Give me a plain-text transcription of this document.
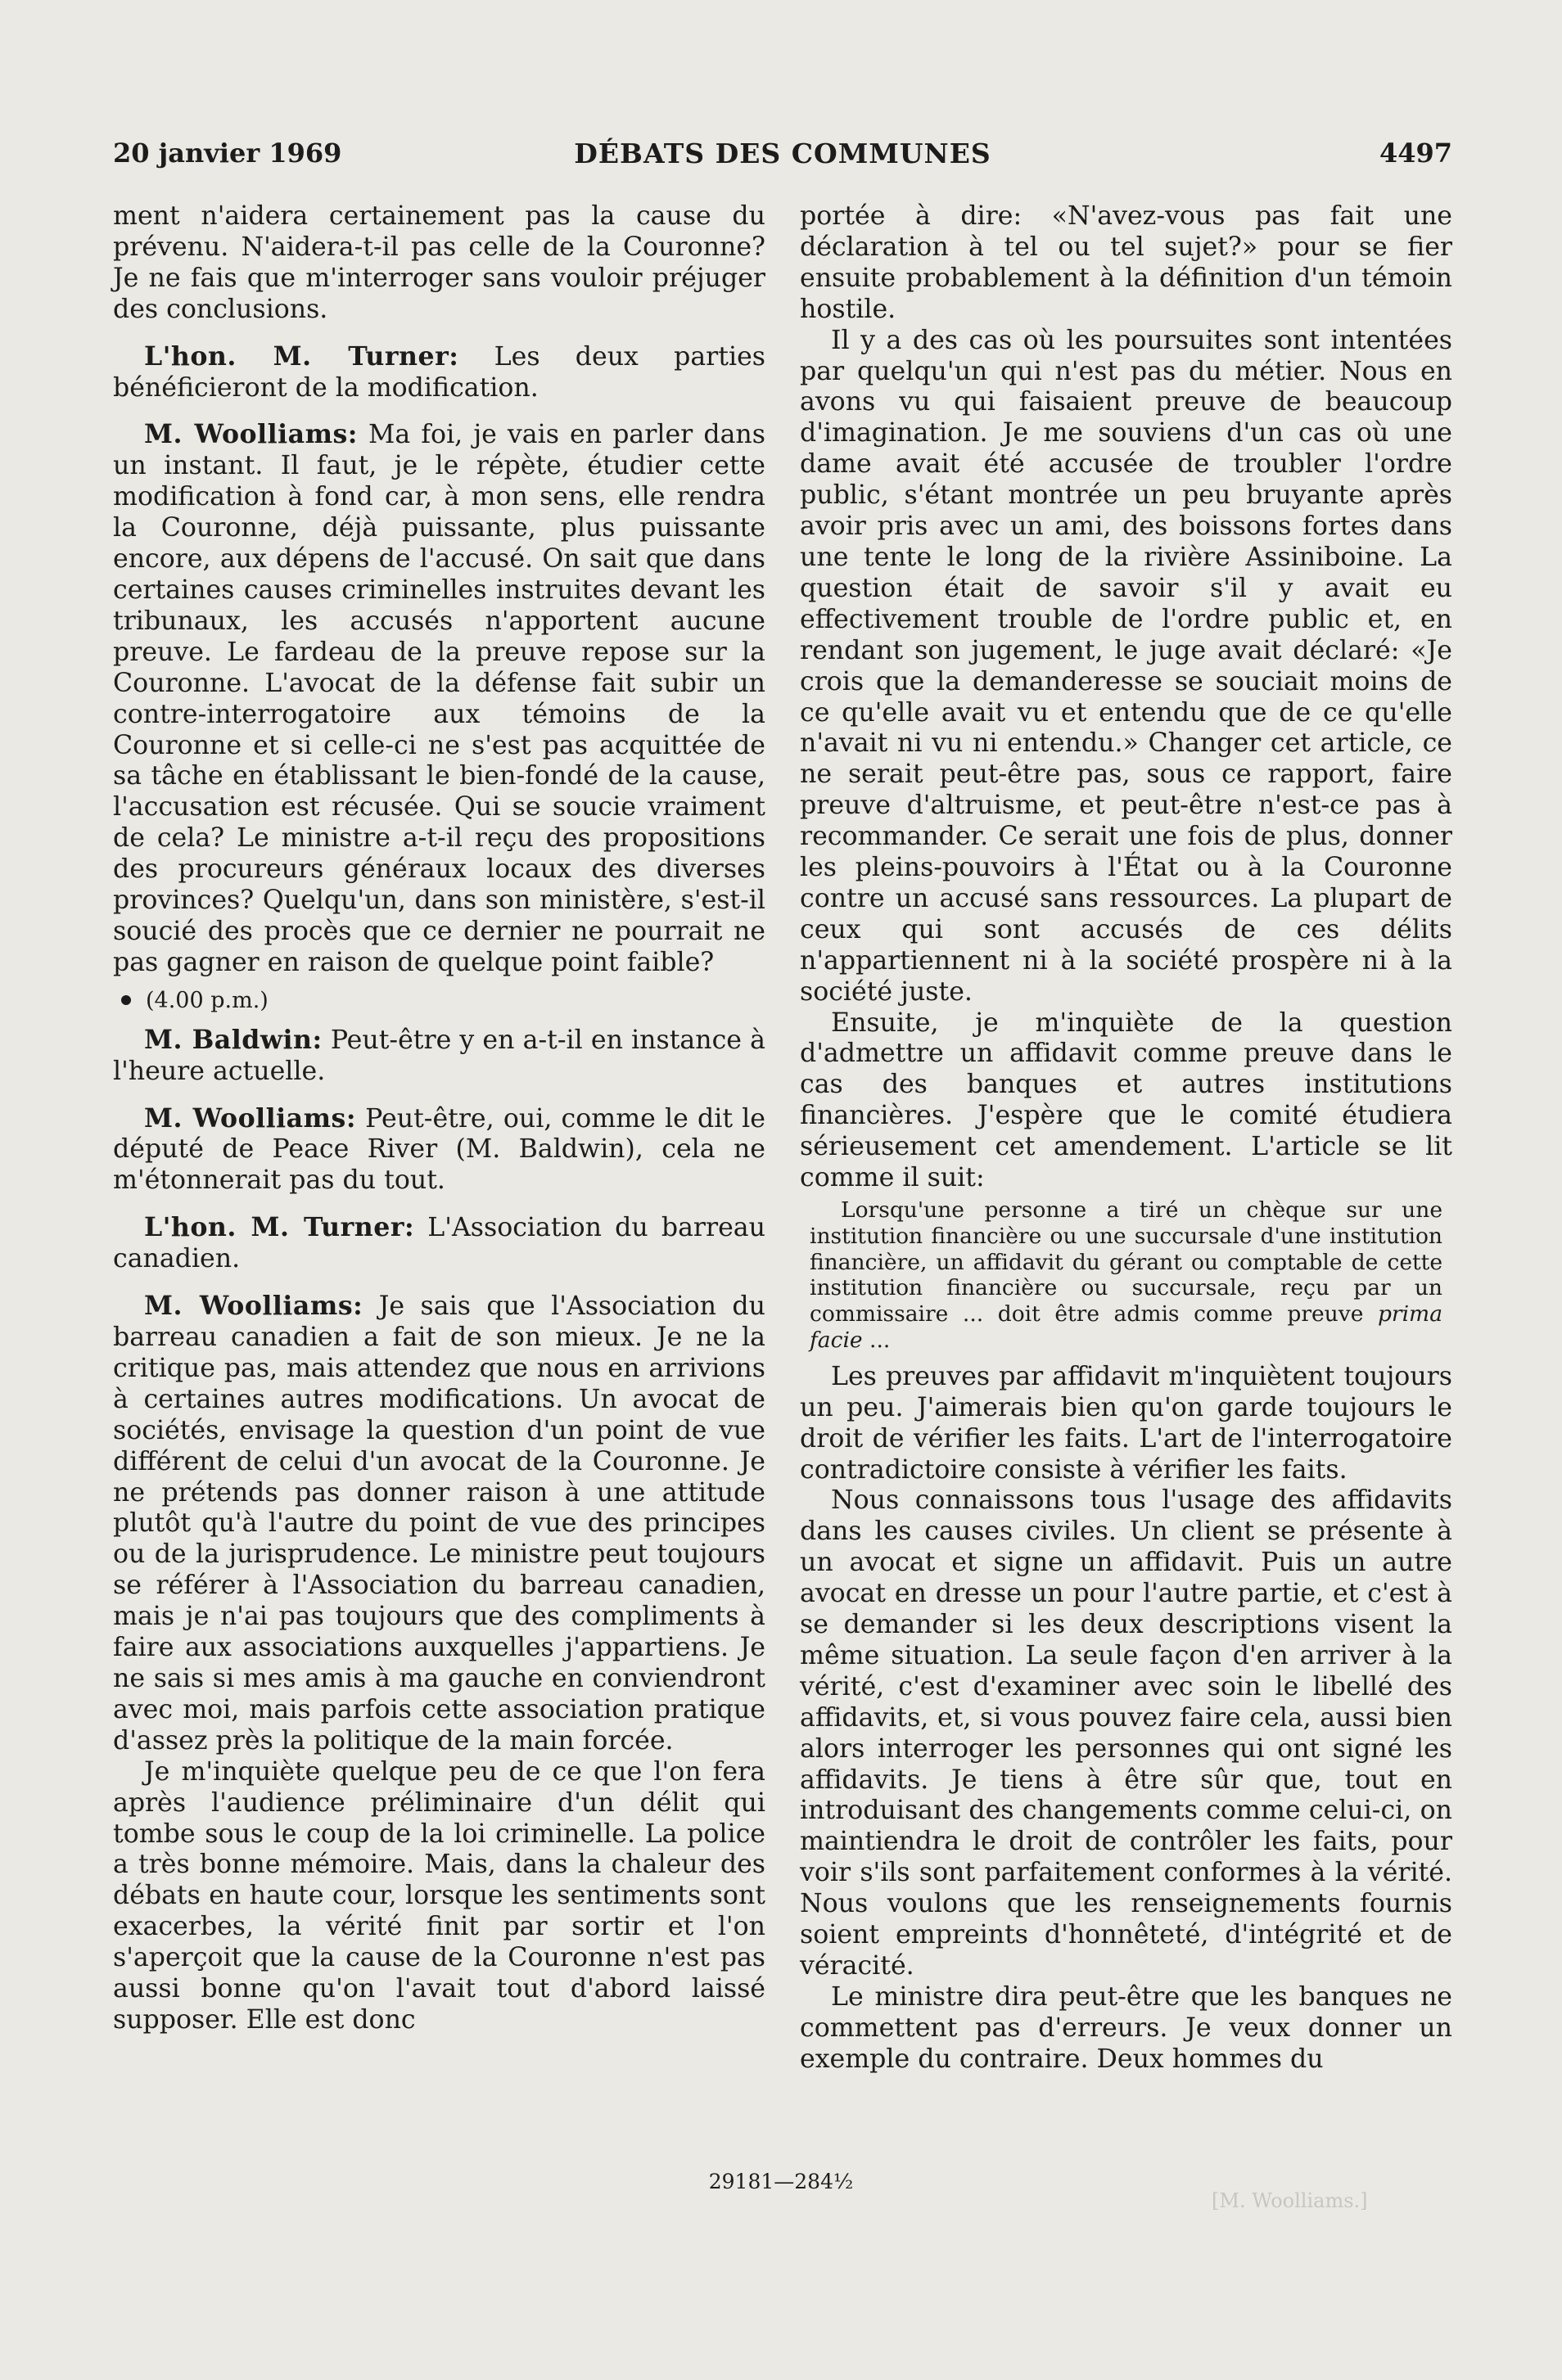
20 janvier 1969	DÉBATS DES COMMUNES	4497

ment n'aidera certainement pas la cause du prévenu. N'aidera-t-il pas celle de la Couronne? Je ne fais que m'interroger sans vouloir préjuger des conclusions.

L'hon. M. Turner: Les deux parties bénéficieront de la modification.

M. Woolliams: Ma foi, je vais en parler dans un instant. Il faut, je le répète, étudier cette modification à fond car, à mon sens, elle rendra la Couronne, déjà puissante, plus puissante encore, aux dépens de l'accusé. On sait que dans certaines causes criminelles instruites devant les tribunaux, les accusés n'apportent aucune preuve. Le fardeau de la preuve repose sur la Couronne. L'avocat de la défense fait subir un contre-interrogatoire aux témoins de la Couronne et si celle-ci ne s'est pas acquittée de sa tâche en établissant le bien-fondé de la cause, l'accusation est récusée. Qui se soucie vraiment de cela? Le ministre a-t-il reçu des propositions des procureurs généraux locaux des diverses provinces? Quelqu'un, dans son ministère, s'est-il soucié des procès que ce dernier ne pourrait ne pas gagner en raison de quelque point faible?

(4.00 p.m.)

M. Baldwin: Peut-être y en a-t-il en instance à l'heure actuelle.

M. Woolliams: Peut-être, oui, comme le dit le député de Peace River (M. Baldwin), cela ne m'étonnerait pas du tout.

L'hon. M. Turner: L'Association du barreau canadien.

M. Woolliams: Je sais que l'Association du barreau canadien a fait de son mieux. Je ne la critique pas, mais attendez que nous en arrivions à certaines autres modifications. Un avocat de sociétés, envisage la question d'un point de vue différent de celui d'un avocat de la Couronne. Je ne prétends pas donner raison à une attitude plutôt qu'à l'autre du point de vue des principes ou de la jurisprudence. Le ministre peut toujours se référer à l'Association du barreau canadien, mais je n'ai pas toujours que des compliments à faire aux associations auxquelles j'appartiens. Je ne sais si mes amis à ma gauche en conviendront avec moi, mais parfois cette association pratique d'assez près la politique de la main forcée.

Je m'inquiète quelque peu de ce que l'on fera après l'audience préliminaire d'un délit qui tombe sous le coup de la loi criminelle. La police a très bonne mémoire. Mais, dans la chaleur des débats en haute cour, lorsque les sentiments sont exacerbes, la vérité finit par sortir et l'on s'aperçoit que la cause de la Couronne n'est pas aussi bonne qu'on l'avait tout d'abord laissé supposer. Elle est donc

portée à dire: «N'avez-vous pas fait une déclaration à tel ou tel sujet?» pour se fier ensuite probablement à la définition d'un témoin hostile.

Il y a des cas où les poursuites sont intentées par quelqu'un qui n'est pas du métier. Nous en avons vu qui faisaient preuve de beaucoup d'imagination. Je me souviens d'un cas où une dame avait été accusée de troubler l'ordre public, s'étant montrée un peu bruyante après avoir pris avec un ami, des boissons fortes dans une tente le long de la rivière Assiniboine. La question était de savoir s'il y avait eu effectivement trouble de l'ordre public et, en rendant son jugement, le juge avait déclaré: «Je crois que la demanderesse se souciait moins de ce qu'elle avait vu et entendu que de ce qu'elle n'avait ni vu ni entendu.» Changer cet article, ce ne serait peut-être pas, sous ce rapport, faire preuve d'altruisme, et peut-être n'est-ce pas à recommander. Ce serait une fois de plus, donner les pleins-pouvoirs à l'État ou à la Couronne contre un accusé sans ressources. La plupart de ceux qui sont accusés de ces délits n'appartiennent ni à la société prospère ni à la société juste.

Ensuite, je m'inquiète de la question d'admettre un affidavit comme preuve dans le cas des banques et autres institutions financières. J'espère que le comité étudiera sérieusement cet amendement. L'article se lit comme il suit:

Lorsqu'une personne a tiré un chèque sur une institution financière ou une succursale d'une institution financière, un affidavit du gérant ou comptable de cette institution financière ou succursale, reçu par un commissaire ... doit être admis comme preuve prima facie ...

Les preuves par affidavit m'inquiètent toujours un peu. J'aimerais bien qu'on garde toujours le droit de vérifier les faits. L'art de l'interrogatoire contradictoire consiste à vérifier les faits.

Nous connaissons tous l'usage des affidavits dans les causes civiles. Un client se présente à un avocat et signe un affidavit. Puis un autre avocat en dresse un pour l'autre partie, et c'est à se demander si les deux descriptions visent la même situation. La seule façon d'en arriver à la vérité, c'est d'examiner avec soin le libellé des affidavits, et, si vous pouvez faire cela, aussi bien alors interroger les personnes qui ont signé les affidavits. Je tiens à être sûr que, tout en introduisant des changements comme celui-ci, on maintiendra le droit de contrôler les faits, pour voir s'ils sont parfaitement conformes à la vérité. Nous voulons que les renseignements fournis soient empreints d'honnêteté, d'intégrité et de véracité.

Le ministre dira peut-être que les banques ne commettent pas d'erreurs. Je veux donner un exemple du contraire. Deux hommes du

29181—284½
[M. Woolliams.]
